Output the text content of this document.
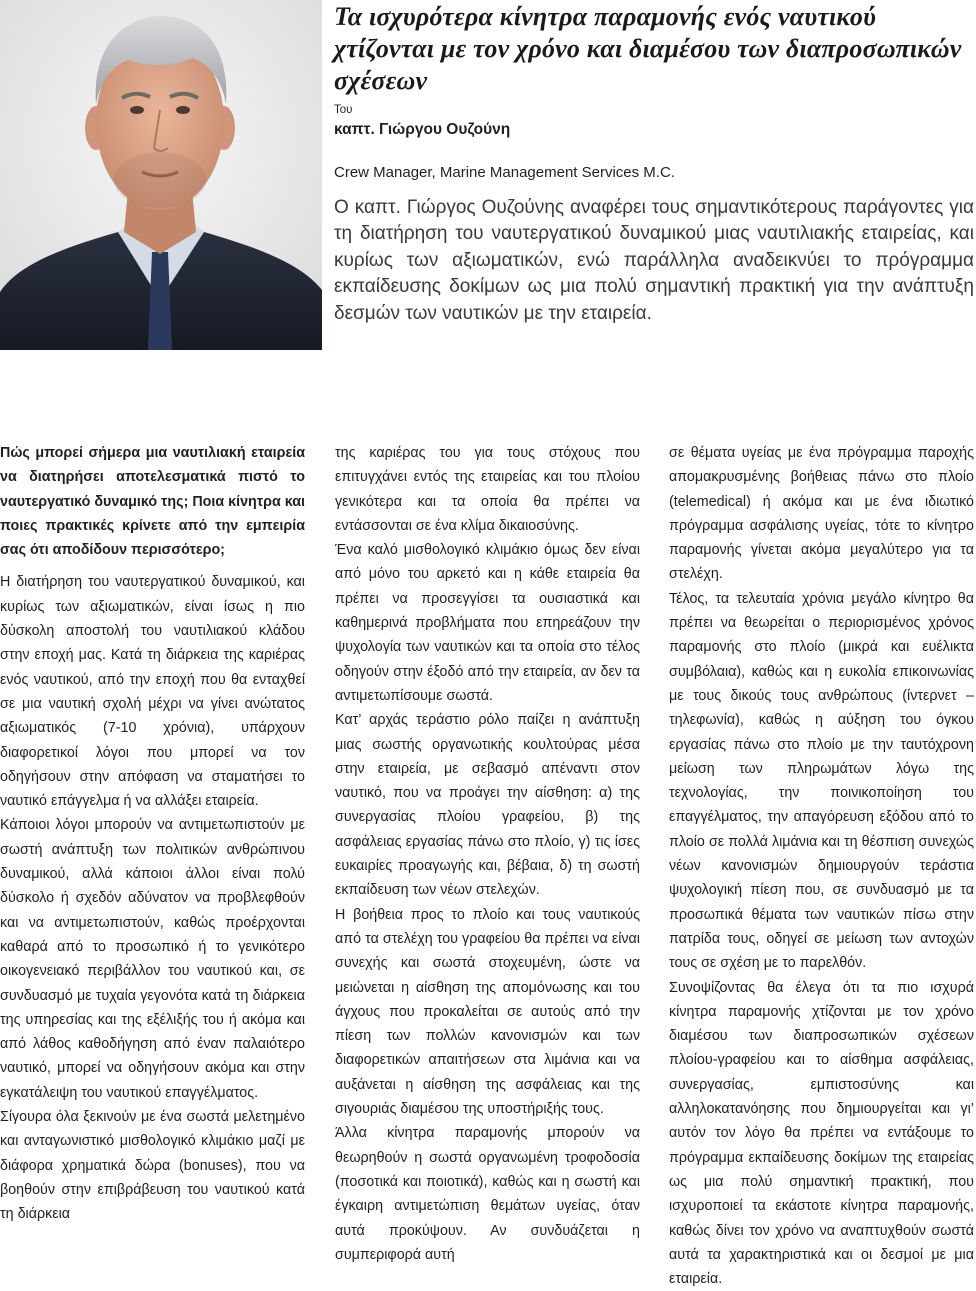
Τα ισχυρότερα κίνητρα παραμονής ενός ναυτικού χτίζονται με τον χρόνο και διαμέσου των διαπροσωπικών σχέσεων
Του
καπτ. Γιώργου Ουζούνη
Crew Manager, Marine Management Services M.C.
Ο καπτ. Γιώργος Ουζούνης αναφέρει τους σημαντικότερους παράγοντες για τη διατήρηση του ναυτεργατικού δυναμικού μιας ναυτιλιακής εταιρείας, και κυρίως των αξιωματικών, ενώ παράλληλα αναδεικνύει το πρόγραμμα εκπαίδευσης δοκίμων ως μια πολύ σημαντική πρακτική για την ανάπτυξη δεσμών των ναυτικών με την εταιρεία.

Πώς μπορεί σήμερα μια ναυτιλιακή εταιρεία να διατηρήσει αποτελεσματικά πιστό το ναυτεργατικό δυναμικό της; Ποια κίνητρα και ποιες πρακτικές κρίνετε από την εμπειρία σας ότι αποδίδουν περισσότερο;

Η διατήρηση του ναυτεργατικού δυναμικού, και κυρίως των αξιωματικών, είναι ίσως η πιο δύσκολη αποστολή του ναυτιλιακού κλάδου στην εποχή μας. Κατά τη διάρκεια της καριέρας ενός ναυτικού, από την εποχή που θα ενταχθεί σε μια ναυτική σχολή μέχρι να γίνει ανώτατος αξιωματικός (7-10 χρόνια), υπάρχουν διαφορετικοί λόγοι που μπορεί να τον οδηγήσουν στην απόφαση να σταματήσει το ναυτικό επάγγελμα ή να αλλάξει εταιρεία.

Κάποιοι λόγοι μπορούν να αντιμετωπιστούν με σωστή ανάπτυξη των πολιτικών ανθρώπινου δυναμικού, αλλά κάποιοι άλλοι είναι πολύ δύσκολο ή σχεδόν αδύνατον να προβλεφθούν και να αντιμετωπιστούν, καθώς προέρχονται καθαρά από το προσωπικό ή το γενικότερο οικογενειακό περιβάλλον του ναυτικού και, σε συνδυασμό με τυχαία γεγονότα κατά τη διάρκεια της υπηρεσίας και της εξέλιξής του ή ακόμα και από λάθος καθοδήγηση από έναν παλαιότερο ναυτικό, μπορεί να οδηγήσουν ακόμα και στην εγκατάλειψη του ναυτικού επαγγέλματος.

Σίγουρα όλα ξεκινούν με ένα σωστά μελετημένο και ανταγωνιστικό μισθολογικό κλιμάκιο μαζί με διάφορα χρηματικά δώρα (bonuses), που να βοηθούν στην επιβράβευση του ναυτικού κατά τη διάρκεια

της καριέρας του για τους στόχους που επιτυγχάνει εντός της εταιρείας και του πλοίου γενικότερα και τα οποία θα πρέπει να εντάσσονται σε ένα κλίμα δικαιοσύνης.

Ένα καλό μισθολογικό κλιμάκιο όμως δεν είναι από μόνο του αρκετό και η κάθε εταιρεία θα πρέπει να προσεγγίσει τα ουσιαστικά και καθημερινά προβλήματα που επηρεάζουν την ψυχολογία των ναυτικών και τα οποία στο τέλος οδηγούν στην έξοδό από την εταιρεία, αν δεν τα αντιμετωπίσουμε σωστά.

Κατ’ αρχάς τεράστιο ρόλο παίζει η ανάπτυξη μιας σωστής οργανωτικής κουλτούρας μέσα στην εταιρεία, με σεβασμό απέναντι στον ναυτικό, που να προάγει την αίσθηση: α) της συνεργασίας πλοίου γραφείου, β) της ασφάλειας εργασίας πάνω στο πλοίο, γ) τις ίσες ευκαιρίες προαγωγής και, βέβαια, δ) τη σωστή εκπαίδευση των νέων στελεχών.

Η βοήθεια προς το πλοίο και τους ναυτικούς από τα στελέχη του γραφείου θα πρέπει να είναι συνεχής και σωστά στοχευμένη, ώστε να μειώνεται η αίσθηση της απομόνωσης και του άγχους που προκαλείται σε αυτούς από την πίεση των πολλών κανονισμών και των διαφορετικών απαιτήσεων στα λιμάνια και να αυξάνεται η αίσθηση της ασφάλειας και της σιγουριάς διαμέσου της υποστήριξής τους.

Άλλα κίνητρα παραμονής μπορούν να θεωρηθούν η σωστά οργανωμένη τροφοδοσία (ποσοτικά και ποιοτικά), καθώς και η σωστή και έγκαιρη αντιμετώπιση θεμάτων υγείας, όταν αυτά προκύψουν. Αν συνδυάζεται η συμπεριφορά αυτή

σε θέματα υγείας με ένα πρόγραμμα παροχής απομακρυσμένης βοήθειας πάνω στο πλοίο (telemedical) ή ακόμα και με ένα ιδιωτικό πρόγραμμα ασφάλισης υγείας, τότε το κίνητρο παραμονής γίνεται ακόμα μεγαλύτερο για τα στελέχη.

Τέλος, τα τελευταία χρόνια μεγάλο κίνητρο θα πρέπει να θεωρείται ο περιορισμένος χρόνος παραμονής στο πλοίο (μικρά και ευέλικτα συμβόλαια), καθώς και η ευκολία επικοινωνίας με τους δικούς τους ανθρώπους (ίντερνετ – τηλεφωνία), καθώς η αύξηση του όγκου εργασίας πάνω στο πλοίο με την ταυτόχρονη μείωση των πληρωμάτων λόγω της τεχνολογίας, την ποινικοποίηση του επαγγέλματος, την απαγόρευση εξόδου από το πλοίο σε πολλά λιμάνια και τη θέσπιση συνεχώς νέων κανονισμών δημιουργούν τεράστια ψυχολογική πίεση που, σε συνδυασμό με τα προσωπικά θέματα των ναυτικών πίσω στην πατρίδα τους, οδηγεί σε μείωση των αντοχών τους σε σχέση με το παρελθόν.

Συνοψίζοντας θα έλεγα ότι τα πιο ισχυρά κίνητρα παραμονής χτίζονται με τον χρόνο διαμέσου των διαπροσωπικών σχέσεων πλοίου-γραφείου και το αίσθημα ασφάλειας, συνεργασίας, εμπιστοσύνης και αλληλοκατανόησης που δημιουργείται και γι’ αυτόν τον λόγο θα πρέπει να εντάξουμε το πρόγραμμα εκπαίδευσης δοκίμων της εταιρείας ως μια πολύ σημαντική πρακτική, που ισχυροποιεί τα εκάστοτε κίνητρα παραμονής, καθώς δίνει τον χρόνο να αναπτυχθούν σωστά αυτά τα χαρακτηριστικά και οι δεσμοί με μια εταιρεία.
